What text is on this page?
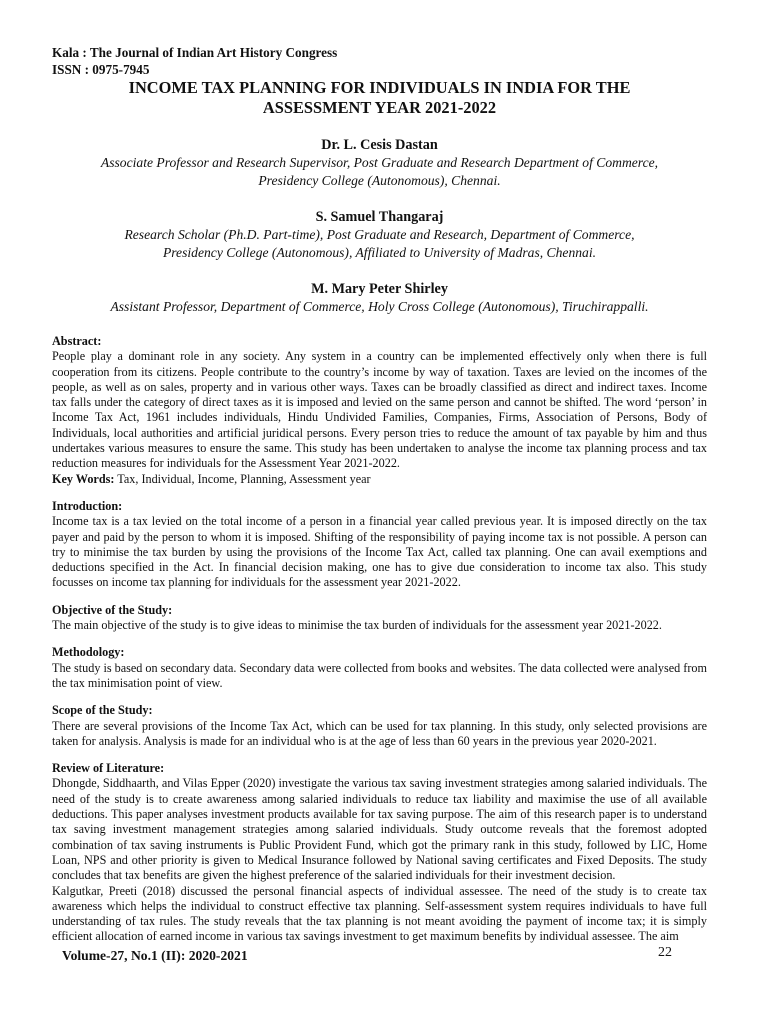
Kala : The Journal of Indian Art History Congress
ISSN : 0975-7945
INCOME TAX PLANNING FOR INDIVIDUALS IN INDIA FOR THE
ASSESSMENT YEAR 2021-2022
Dr. L. Cesis Dastan
Associate Professor and Research Supervisor, Post Graduate and Research Department of Commerce,
Presidency College (Autonomous), Chennai.
S. Samuel Thangaraj
Research Scholar (Ph.D. Part-time), Post Graduate and Research, Department of Commerce,
Presidency College (Autonomous), Affiliated to University of Madras, Chennai.
M. Mary Peter Shirley
Assistant Professor, Department of Commerce, Holy Cross College (Autonomous), Tiruchirappalli.
Abstract:
People play a dominant role in any society. Any system in a country can be implemented effectively only when there is full cooperation from its citizens. People contribute to the country’s income by way of taxation. Taxes are levied on the incomes of the people, as well as on sales, property and in various other ways. Taxes can be broadly classified as direct and indirect taxes. Income tax falls under the category of direct taxes as it is imposed and levied on the same person and cannot be shifted. The word ‘person’ in Income Tax Act, 1961 includes individuals, Hindu Undivided Families, Companies, Firms, Association of Persons, Body of Individuals, local authorities and artificial juridical persons. Every person tries to reduce the amount of tax payable by him and thus undertakes various measures to ensure the same. This study has been undertaken to analyse the income tax planning process and tax reduction measures for individuals for the Assessment Year 2021-2022.
Key Words: Tax, Individual, Income, Planning, Assessment year
Introduction:
Income tax is a tax levied on the total income of a person in a financial year called previous year. It is imposed directly on the tax payer and paid by the person to whom it is imposed. Shifting of the responsibility of paying income tax is not possible. A person can try to minimise the tax burden by using the provisions of the Income Tax Act, called tax planning. One can avail exemptions and deductions specified in the Act. In financial decision making, one has to give due consideration to income tax also. This study focusses on income tax planning for individuals for the assessment year 2021-2022.
Objective of the Study:
The main objective of the study is to give ideas to minimise the tax burden of individuals for the assessment year 2021-2022.
Methodology:
The study is based on secondary data. Secondary data were collected from books and websites. The data collected were analysed from the tax minimisation point of view.
Scope of the Study:
There are several provisions of the Income Tax Act, which can be used for tax planning. In this study, only selected provisions are taken for analysis. Analysis is made for an individual who is at the age of less than 60 years in the previous year 2020-2021.
Review of Literature:
Dhongde, Siddhaarth, and Vilas Epper (2020) investigate the various tax saving investment strategies among salaried individuals. The need of the study is to create awareness among salaried individuals to reduce tax liability and maximise the use of all available deductions. This paper analyses investment products available for tax saving purpose. The aim of this research paper is to understand tax saving investment management strategies among salaried individuals. Study outcome reveals that the foremost adopted combination of tax saving instruments is Public Provident Fund, which got the primary rank in this study, followed by LIC, Home Loan, NPS and other priority is given to Medical Insurance followed by National saving certificates and Fixed Deposits. The study concludes that tax benefits are given the highest preference of the salaried individuals for their investment decision.
Kalgutkar, Preeti (2018) discussed the personal financial aspects of individual assessee. The need of the study is to create tax awareness which helps the individual to construct effective tax planning. Self-assessment system requires individuals to have full understanding of tax rules. The study reveals that the tax planning is not meant avoiding the payment of income tax; it is simply efficient allocation of earned income in various tax savings investment to get maximum benefits by individual assessee. The aim
Volume-27, No.1 (II): 2020-2021	22
